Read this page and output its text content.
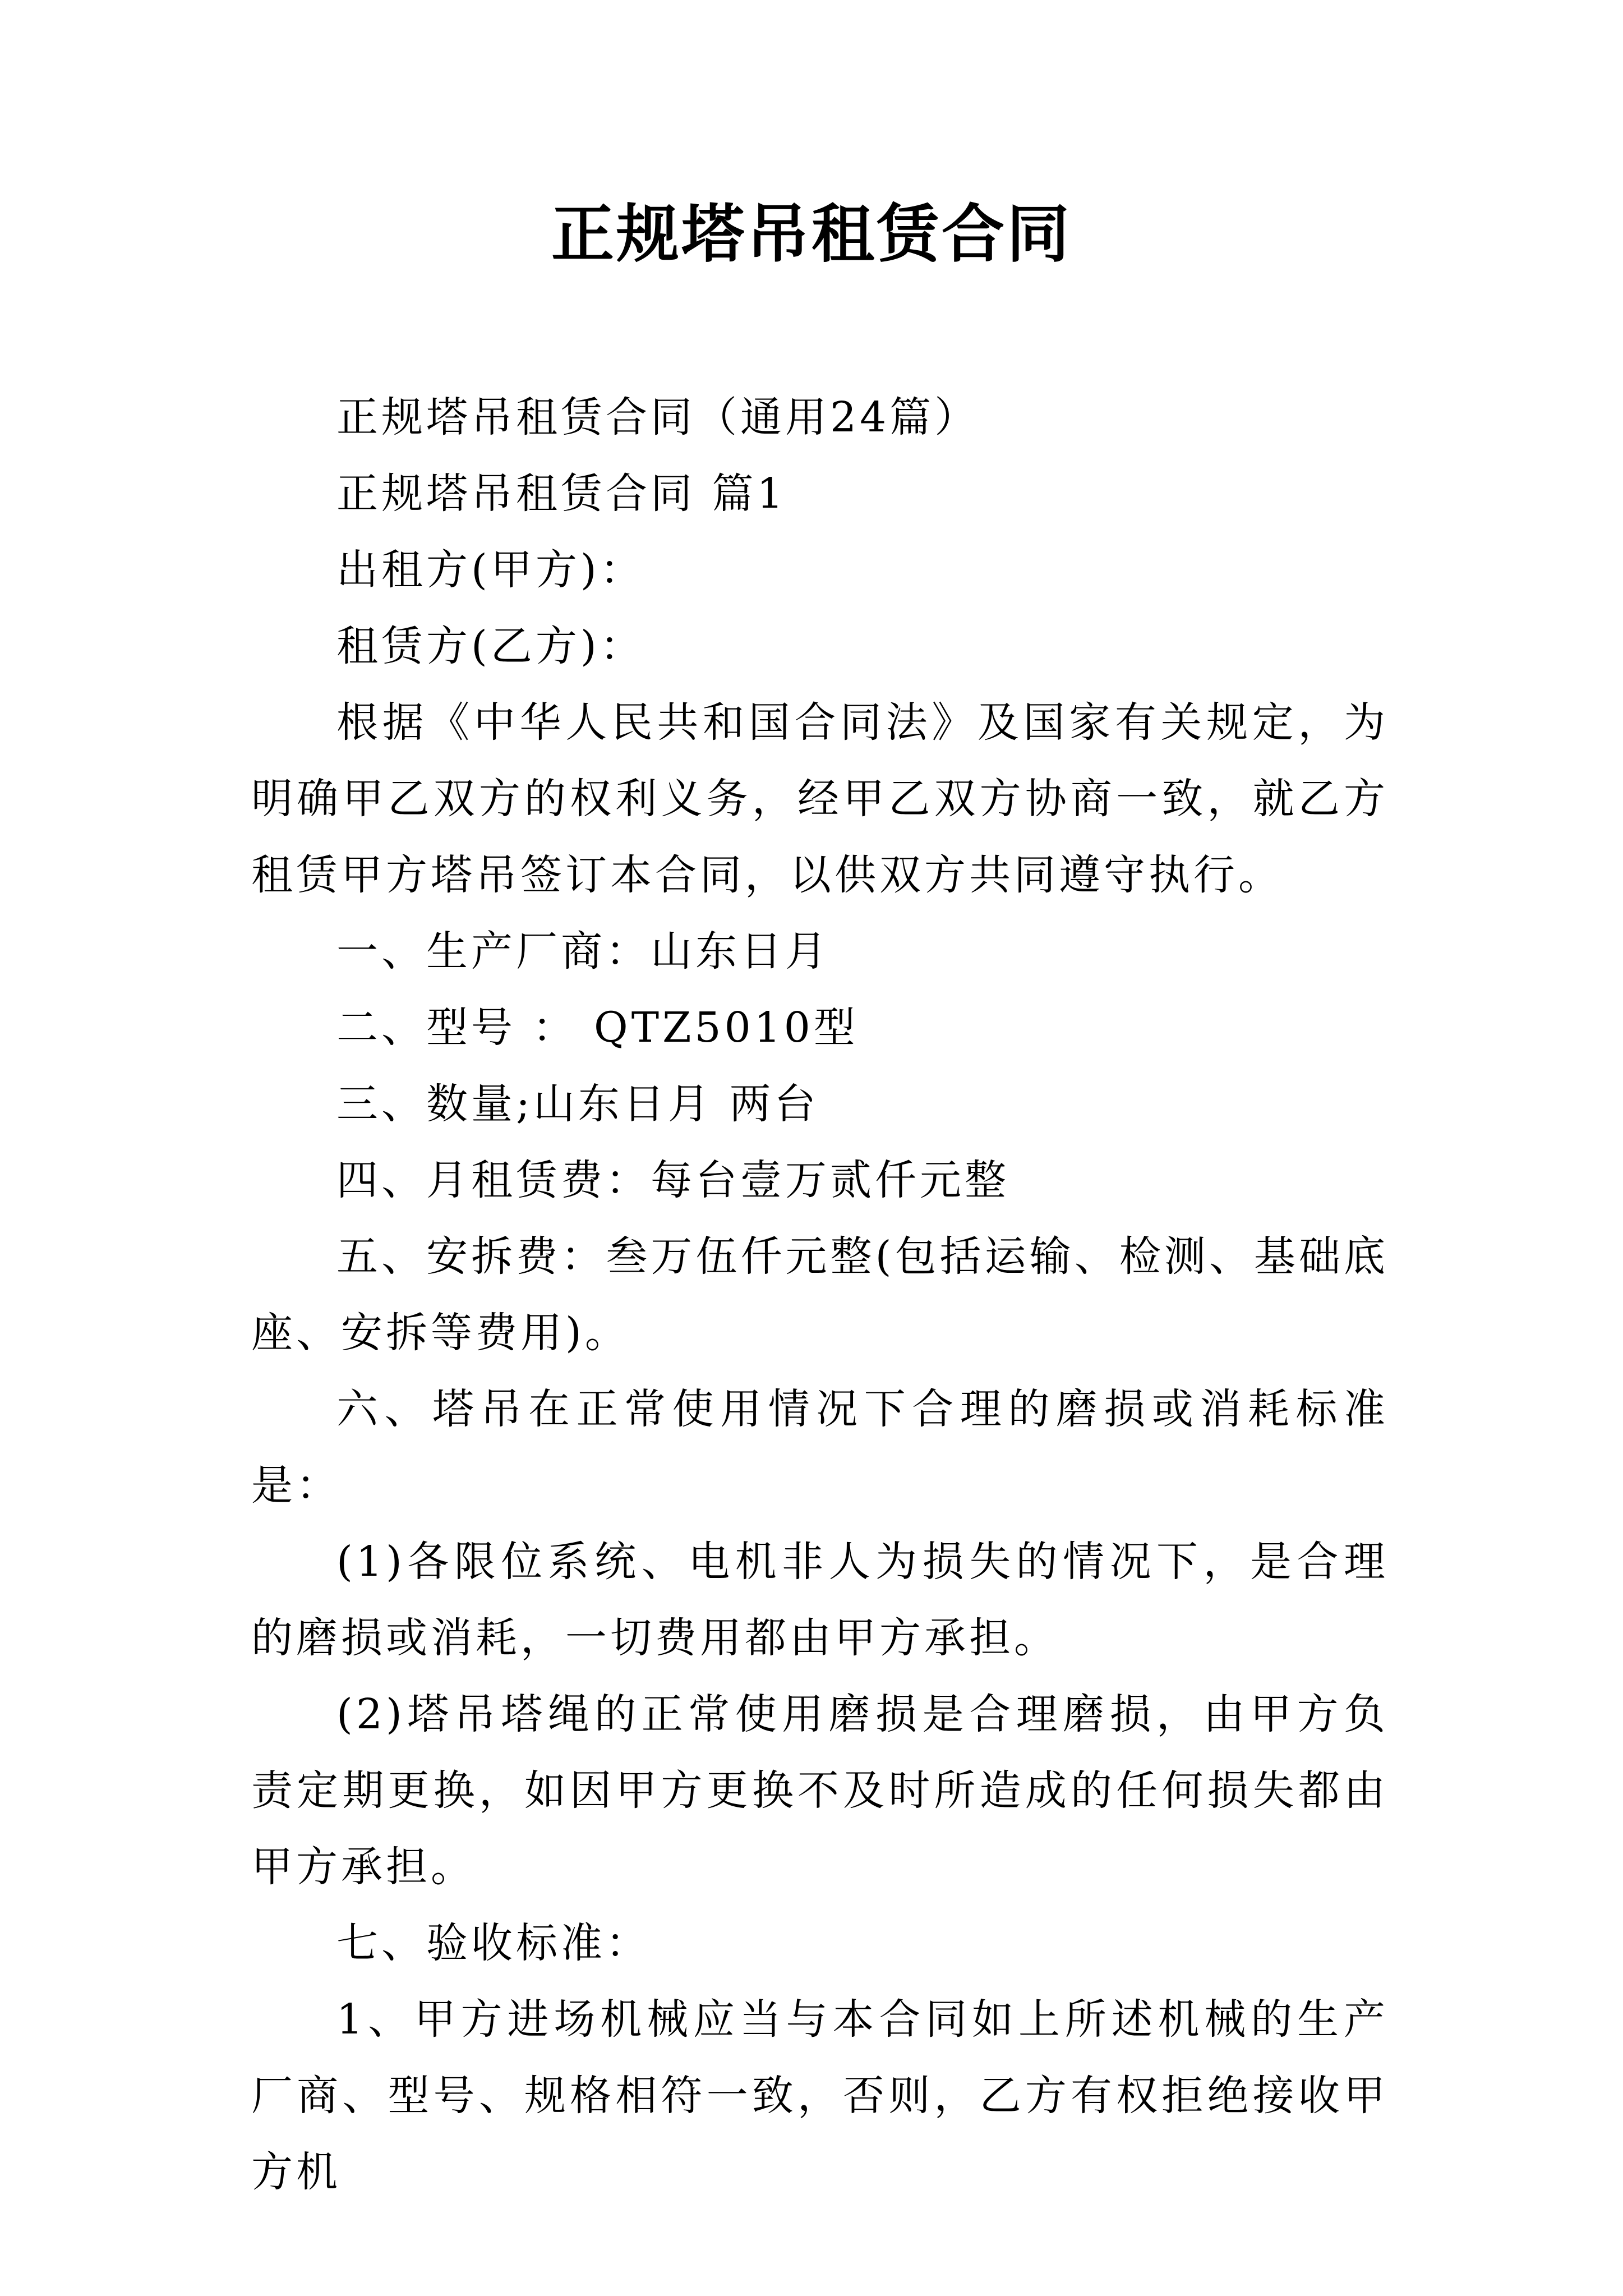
正规塔吊租赁合同

正规塔吊租赁合同（通用24篇）

正规塔吊租赁合同 篇1

出租方(甲方)：

租赁方(乙方)：

根据《中华人民共和国合同法》及国家有关规定，为明确甲乙双方的权利义务，经甲乙双方协商一致，就乙方租赁甲方塔吊签订本合同，以供双方共同遵守执行。

一、生产厂商：山东日月

二、型号 ： QTZ5010型

三、数量;山东日月 两台

四、月租赁费：每台壹万贰仟元整

五、安拆费：叁万伍仟元整(包括运输、检测、基础底座、安拆等费用)。

六、塔吊在正常使用情况下合理的磨损或消耗标准是：

(1)各限位系统、电机非人为损失的情况下，是合理的磨损或消耗，一切费用都由甲方承担。

(2)塔吊塔绳的正常使用磨损是合理磨损，由甲方负责定期更换，如因甲方更换不及时所造成的任何损失都由甲方承担。

七、验收标准：

1、甲方进场机械应当与本合同如上所述机械的生产厂商、型号、规格相符一致，否则，乙方有权拒绝接收甲方机
